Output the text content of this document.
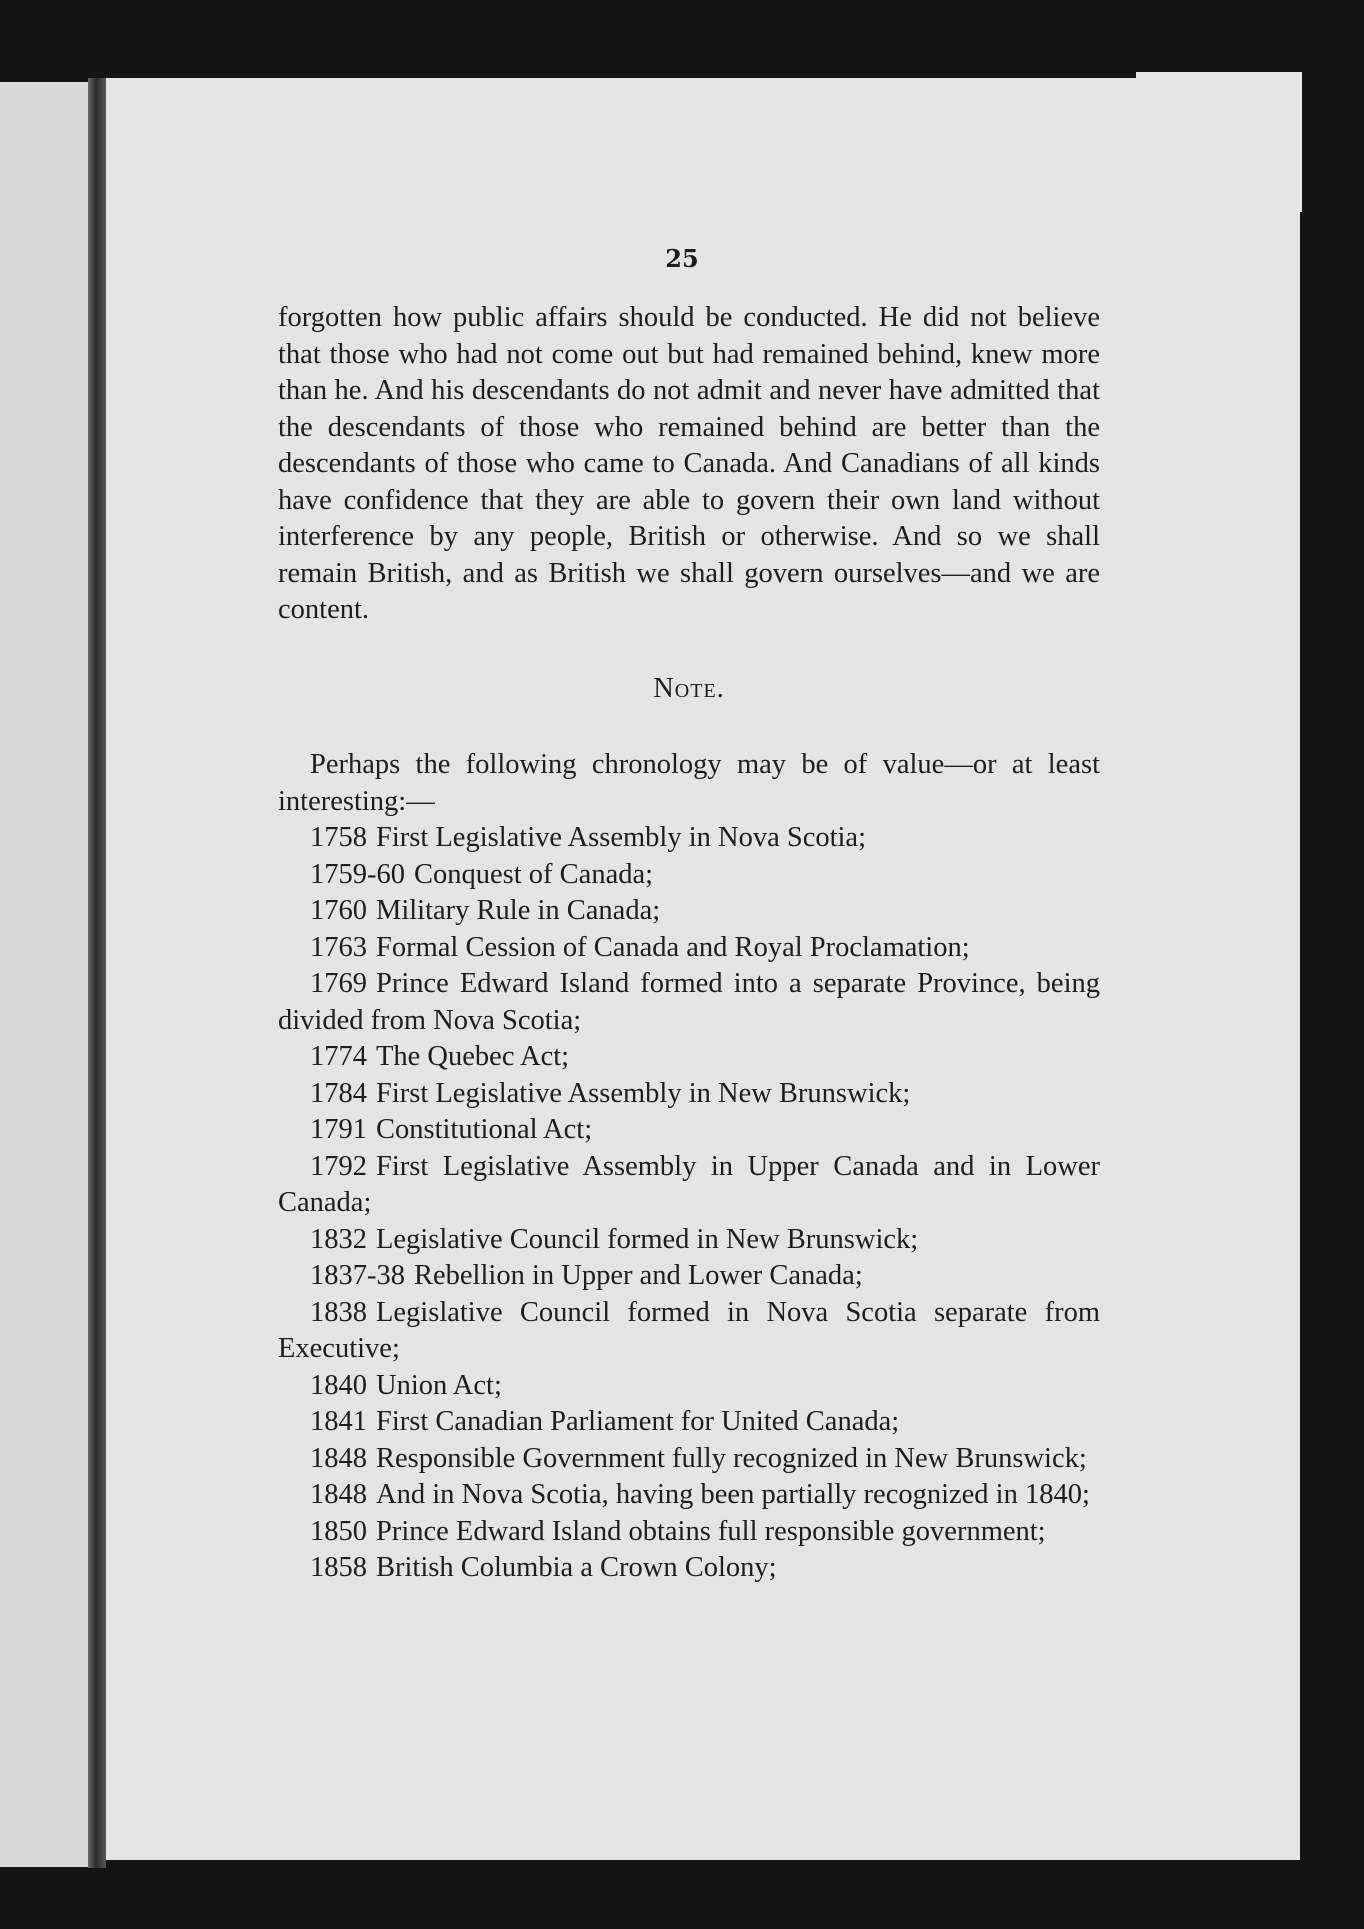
25

forgotten how public affairs should be conducted. He did not believe that those who had not come out but had remained behind, knew more than he. And his descendants do not admit and never have admitted that the descendants of those who remained behind are better than the descendants of those who came to Canada. And Canadians of all kinds have confidence that they are able to govern their own land without interference by any people, British or otherwise. And so we shall remain British, and as British we shall govern ourselves—and we are content.

Note.

Perhaps the following chronology may be of value—or at least interesting:—

1758 First Legislative Assembly in Nova Scotia;
1759-60 Conquest of Canada;
1760 Military Rule in Canada;
1763 Formal Cession of Canada and Royal Proclamation;
1769 Prince Edward Island formed into a separate Province, being divided from Nova Scotia;
1774 The Quebec Act;
1784 First Legislative Assembly in New Brunswick;
1791 Constitutional Act;
1792 First Legislative Assembly in Upper Canada and in Lower Canada;
1832 Legislative Council formed in New Brunswick;
1837-38 Rebellion in Upper and Lower Canada;
1838 Legislative Council formed in Nova Scotia separate from Executive;
1840 Union Act;
1841 First Canadian Parliament for United Canada;
1848 Responsible Government fully recognized in New Brunswick;
1848 And in Nova Scotia, having been partially recognized in 1840;
1850 Prince Edward Island obtains full responsible government;
1858 British Columbia a Crown Colony;
